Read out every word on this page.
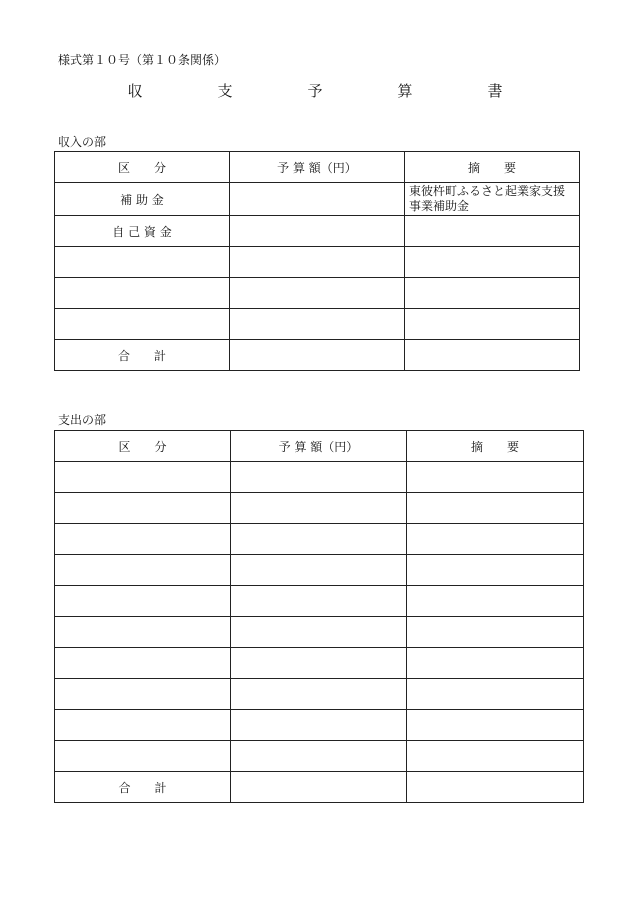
様式第１０号（第１０条関係）
収　支　予　算　書
収入の部
区　　分	予 算 額（円）	摘　　要
補 助 金		東彼杵町ふるさと起業家支援事業補助金
自 己 資 金		

合　　計		
支出の部
区　　分	予 算 額（円）	摘　　要

合　　計		
